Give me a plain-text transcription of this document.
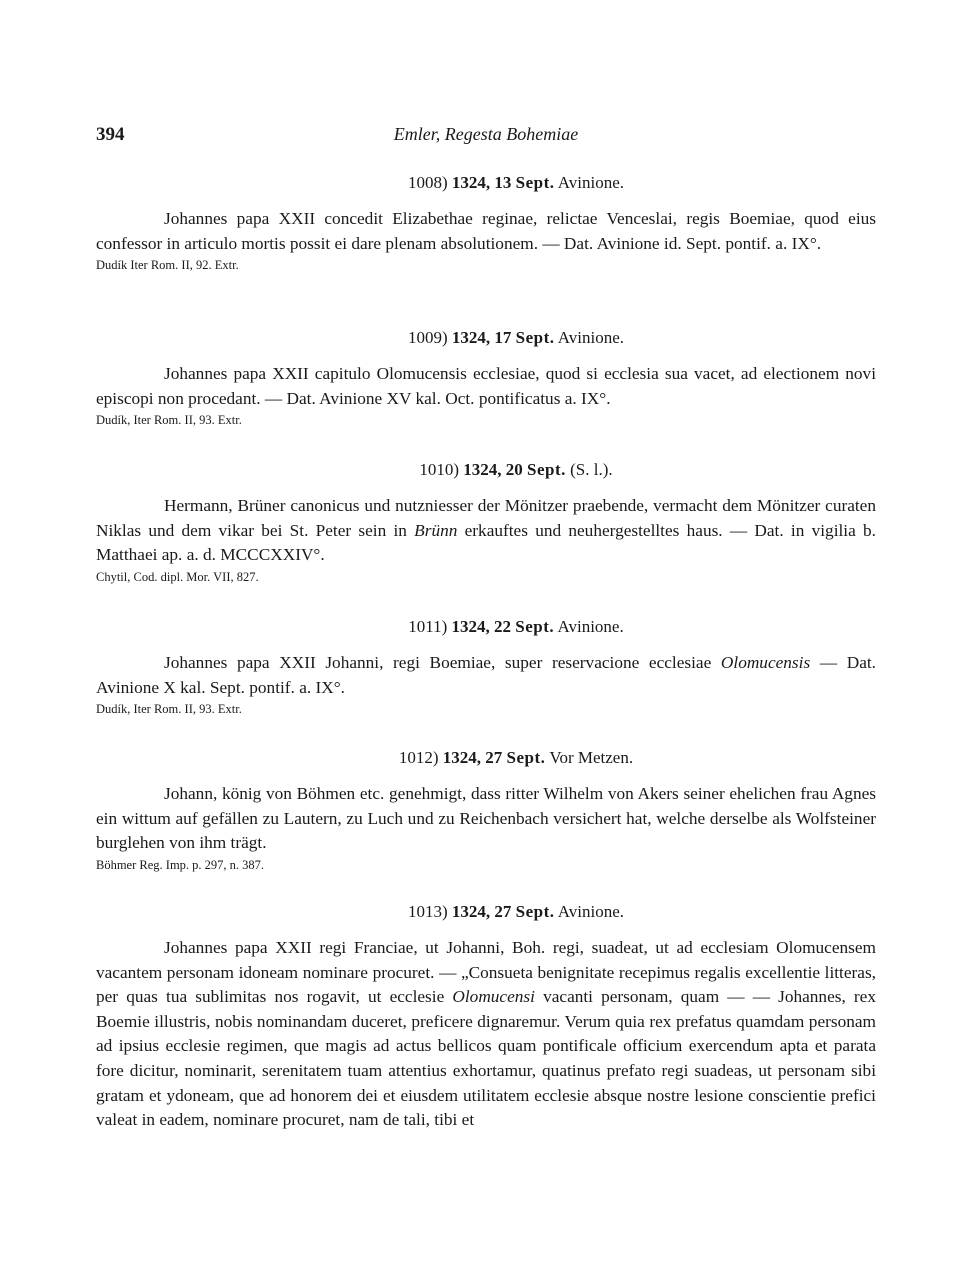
394	Emler, Regesta Bohemiae
1008) 1324, 13 Sept. Avinione.
Johannes papa XXII concedit Elizabethae reginae, relictae Venceslai, regis Boemiae, quod eius confessor in articulo mortis possit ei dare plenam absolutionem. — Dat. Avinione id. Sept. pontif. a. IX°.
Dudík Iter Rom. II, 92. Extr.
1009) 1324, 17 Sept. Avinione.
Johannes papa XXII capitulo Olomucensis ecclesiae, quod si ecclesia sua vacet, ad electionem novi episcopi non procedant. — Dat. Avinione XV kal. Oct. pontificatus a. IX°.
Dudík, Iter Rom. II, 93. Extr.
1010) 1324, 20 Sept. (S. l.).
Hermann, Brüner canonicus und nutzniesser der Mönitzer praebende, vermacht dem Mönitzer curaten Niklas und dem vikar bei St. Peter sein in Brünn erkauftes und neuhergestelltes haus. — Dat. in vigilia b. Matthaei ap. a. d. MCCCXXIV°.
Chytil, Cod. dipl. Mor. VII, 827.
1011) 1324, 22 Sept. Avinione.
Johannes papa XXII Johanni, regi Boemiae, super reservacione ecclesiae Olomucensis — Dat. Avinione X kal. Sept. pontif. a. IX°.
Dudík, Iter Rom. II, 93. Extr.
1012) 1324, 27 Sept. Vor Metzen.
Johann, könig von Böhmen etc. genehmigt, dass ritter Wilhelm von Akers seiner ehelichen frau Agnes ein wittum auf gefällen zu Lautern, zu Luch und zu Reichenbach versichert hat, welche derselbe als Wolfsteiner burglehen von ihm trägt.
Böhmer Reg. Imp. p. 297, n. 387.
1013) 1324, 27 Sept. Avinione.
Johannes papa XXII regi Franciae, ut Johanni, Boh. regi, suadeat, ut ad ecclesiam Olomucensem vacantem personam idoneam nominare procuret. — „Consueta benignitate recepimus regalis excellentie litteras, per quas tua sublimitas nos rogavit, ut ecclesie Olomucensi vacanti personam, quam — — Johannes, rex Boemie illustris, nobis nominandam duceret, preficere dignaremur. Verum quia rex prefatus quamdam personam ad ipsius ecclesie regimen, que magis ad actus bellicos quam pontificale officium exercendum apta et parata fore dicitur, nominarit, serenitatem tuam attentius exhortamur, quatinus prefato regi suadeas, ut personam sibi gratam et ydoneam, que ad honorem dei et eiusdem utilitatem ecclesie absque nostre lesione conscientie prefici valeat in eadem, nominare procuret, nam de tali, tibi et
